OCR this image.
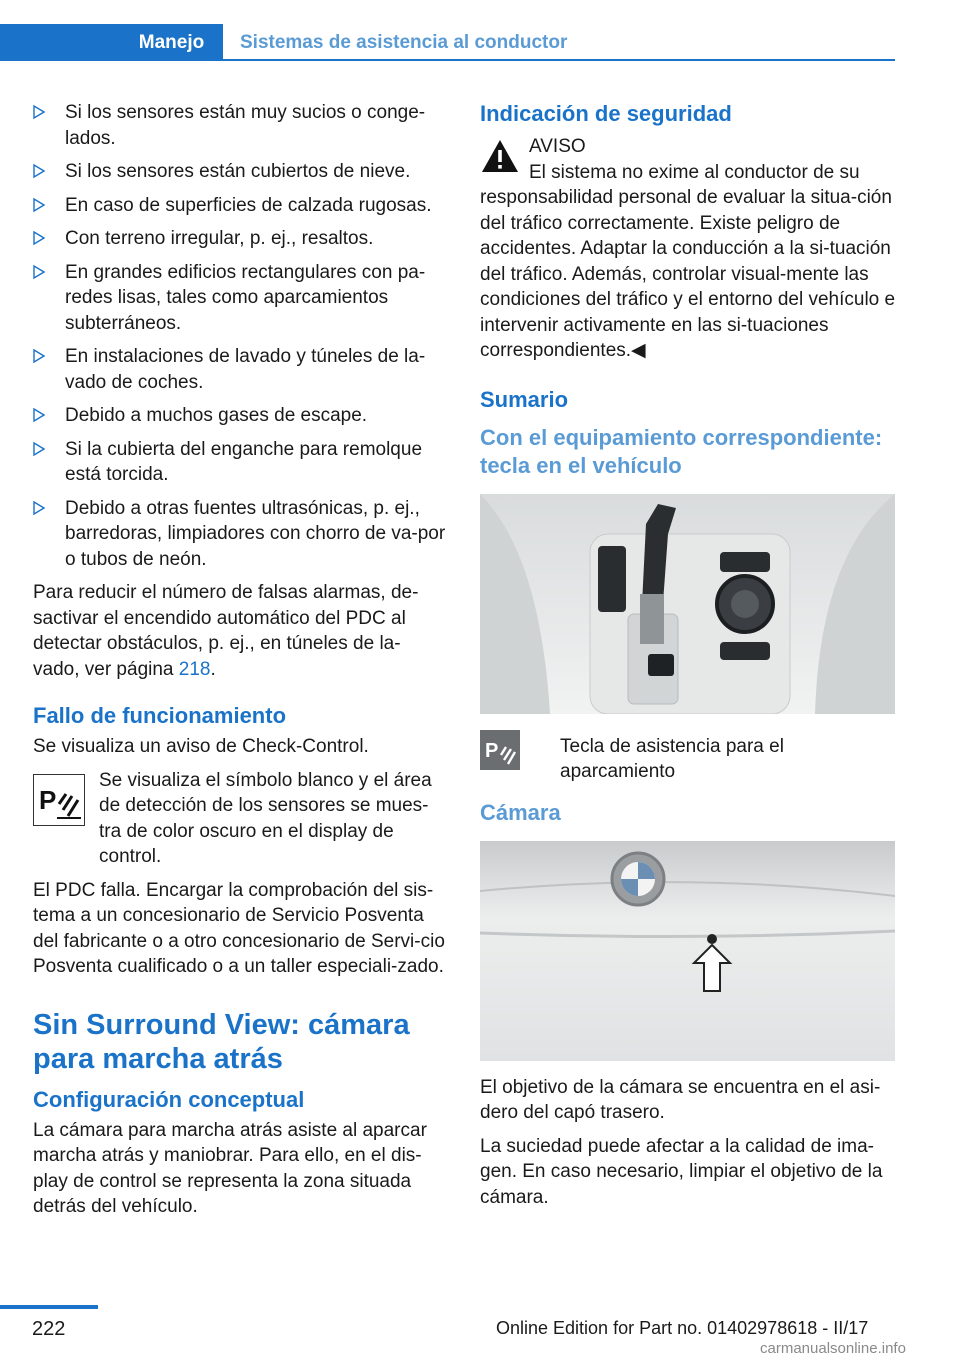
Manejo	Sistemas de asistencia al conductor
Si los sensores están muy sucios o conge‐lados.
Si los sensores están cubiertos de nieve.
En caso de superficies de calzada rugosas.
Con terreno irregular, p. ej., resaltos.
En grandes edificios rectangulares con pa‐redes lisas, tales como aparcamientos subterráneos.
En instalaciones de lavado y túneles de la‐vado de coches.
Debido a muchos gases de escape.
Si la cubierta del enganche para remolque está torcida.
Debido a otras fuentes ultrasónicas, p. ej., barredoras, limpiadores con chorro de va‐por o tubos de neón.

Para reducir el número de falsas alarmas, de‐sactivar el encendido automático del PDC al detectar obstáculos, p. ej., en túneles de la‐vado, ver página 218.

Fallo de funcionamiento

Se visualiza un aviso de Check-Control.

P

Se visualiza el símbolo blanco y el área de detección de los sensores se mues‐tra de color oscuro en el display de control.

El PDC falla. Encargar la comprobación del sis‐tema a un concesionario de Servicio Posventa del fabricante o a otro concesionario de Servi‐cio Posventa cualificado o a un taller especiali‐zado.

Sin Surround View: cámara para marcha atrás
Configuración conceptual

La cámara para marcha atrás asiste al aparcar marcha atrás y maniobrar. Para ello, en el dis‐play de control se representa la zona situada detrás del vehículo.

Indicación de seguridad

AVISO

El sistema no exime al conductor de su responsabilidad personal de evaluar la situa‐ción del tráfico correctamente. Existe peligro de accidentes. Adaptar la conducción a la si‐tuación del tráfico. Además, controlar visual‐mente las condiciones del tráfico y el entorno del vehículo e intervenir activamente en las si‐tuaciones correspondientes.◀

Sumario
Con el equipamiento correspondiente: tecla en el vehículo
P	Tecla de asistencia para el aparcamiento

Cámara

El objetivo de la cámara se encuentra en el asi‐dero del capó trasero.

La suciedad puede afectar a la calidad de ima‐gen. En caso necesario, limpiar el objetivo de la cámara.

222	Online Edition for Part no. 01402978618 - II/17
carmanualsonline.info
